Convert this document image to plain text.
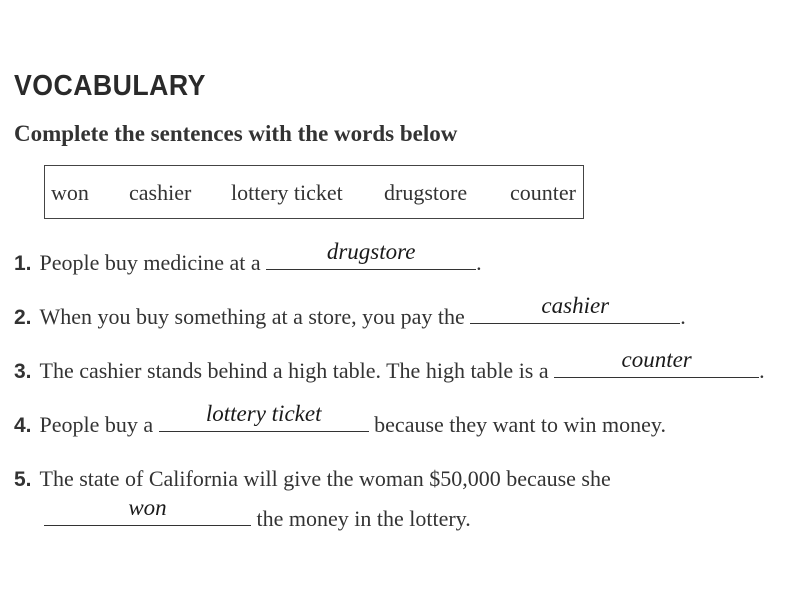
VOCABULARY
Complete the sentences with the words below
won cashier lottery ticket drugstore counter
1. People buy medicine at a	drugstore	.
2. When you buy something at a store, you pay the	cashier	.
3. The cashier stands behind a high table. The high table is a	counter	.
4. People buy a	lottery ticket	because they want to win money.
5. The state of California will give the woman $50,000 because she
won	the money in the lottery.
